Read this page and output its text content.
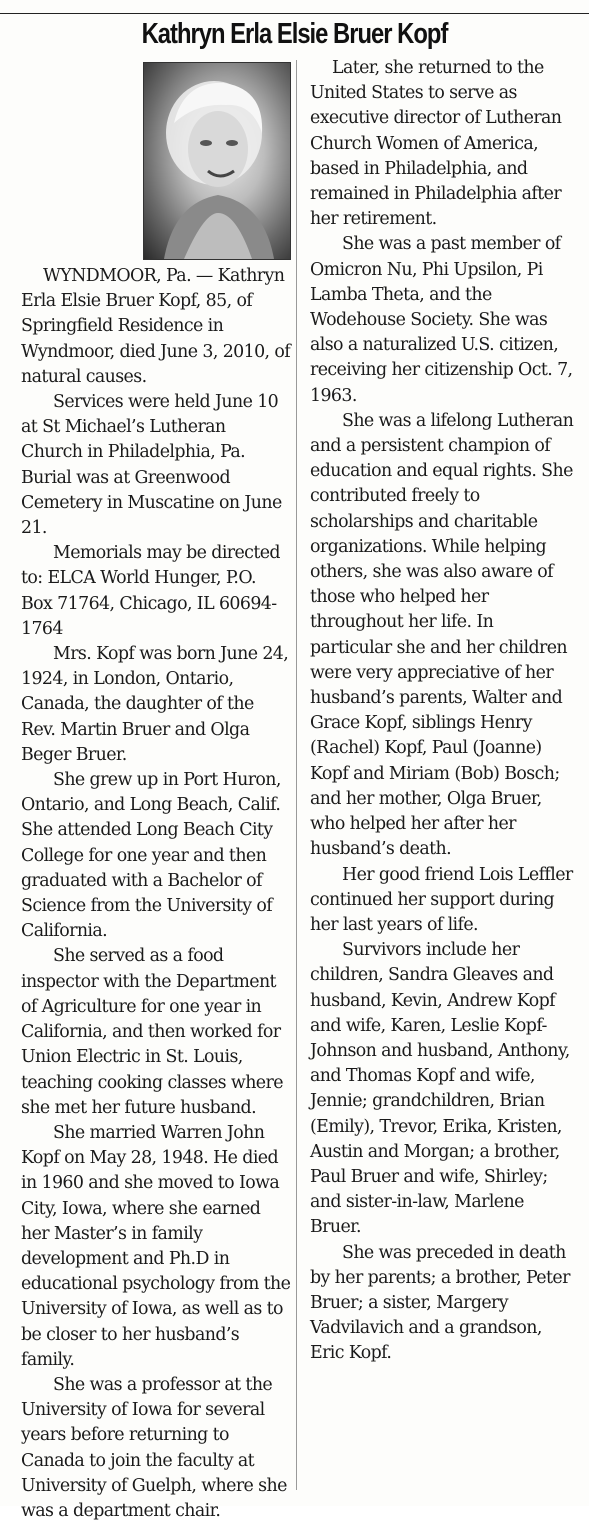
Kathryn Erla Elsie Bruer Kopf

WYNDMOOR, Pa. — Kathryn Erla Elsie Bruer Kopf, 85, of Springfield Residence in Wyndmoor, died June 3, 2010, of natural causes.

Services were held June 10 at St Michael’s Lutheran Church in Philadelphia, Pa. Burial was at Greenwood Cemetery in Muscatine on June 21.

Memorials may be directed to: ELCA World Hunger, P.O. Box 71764, Chicago, IL 60694-1764

Mrs. Kopf was born June 24, 1924, in London, Ontario, Canada, the daughter of the Rev. Martin Bruer and Olga Beger Bruer.

She grew up in Port Huron, Ontario, and Long Beach, Calif. She attended Long Beach City College for one year and then graduated with a Bachelor of Science from the University of California.

She served as a food inspector with the Department of Agriculture for one year in California, and then worked for Union Electric in St. Louis, teaching cooking classes where she met her future husband.

She married Warren John Kopf on May 28, 1948. He died in 1960 and she moved to Iowa City, Iowa, where she earned her Master’s in family development and Ph.D in educational psychology from the University of Iowa, as well as to be closer to her husband’s family.

She was a professor at the University of Iowa for several years before returning to Canada to join the faculty at University of Guelph, where she was a department chair.

Later, she returned to the United States to serve as executive director of Lutheran Church Women of America, based in Philadelphia, and remained in Philadelphia after her retirement.

She was a past member of Omicron Nu, Phi Upsilon, Pi Lamba Theta, and the Wodehouse Society. She was also a naturalized U.S. citizen, receiving her citizenship Oct. 7, 1963.

She was a lifelong Lutheran and a persistent champion of education and equal rights. She contributed freely to scholarships and charitable organizations. While helping others, she was also aware of those who helped her throughout her life. In particular she and her children were very appreciative of her husband’s parents, Walter and Grace Kopf, siblings Henry (Rachel) Kopf, Paul (Joanne) Kopf and Miriam (Bob) Bosch; and her mother, Olga Bruer, who helped her after her husband’s death.

Her good friend Lois Leffler continued her support during her last years of life.

Survivors include her children, Sandra Gleaves and husband, Kevin, Andrew Kopf and wife, Karen, Leslie Kopf-Johnson and husband, Anthony, and Thomas Kopf and wife, Jennie; grandchildren, Brian (Emily), Trevor, Erika, Kristen, Austin and Morgan; a brother, Paul Bruer and wife, Shirley; and sister-in-law, Marlene Bruer.

She was preceded in death by her parents; a brother, Peter Bruer; a sister, Margery Vadvilavich and a grandson, Eric Kopf.
